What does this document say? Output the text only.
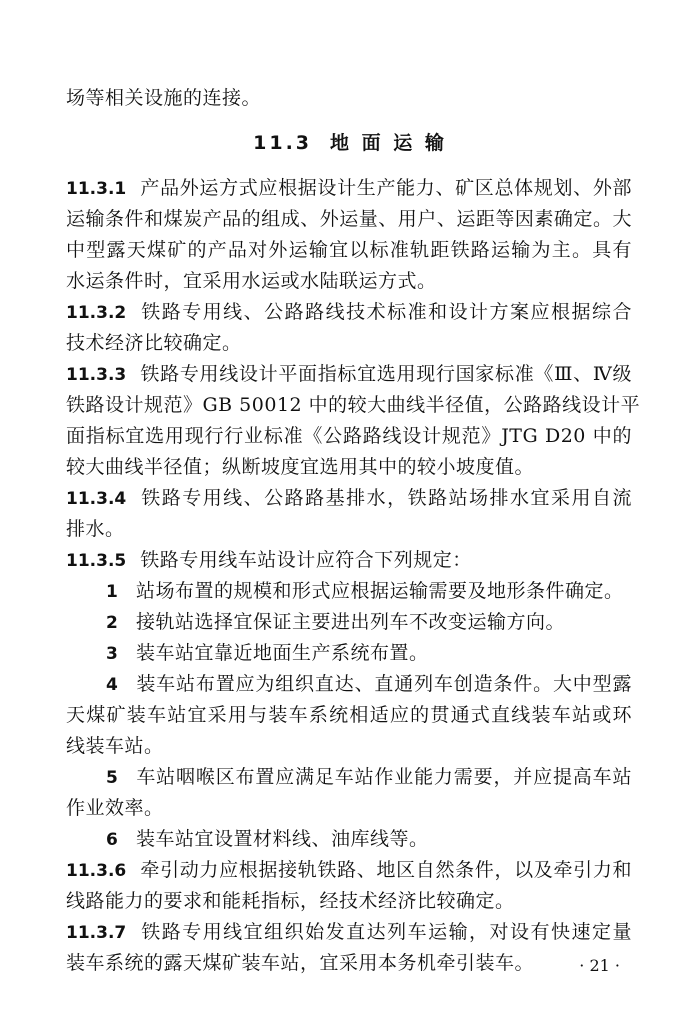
场等相关设施的连接。
11.3 地 面 运 输
11.3.1 产品外运方式应根据设计生产能力、矿区总体规划、外部
运输条件和煤炭产品的组成、外运量、用户、运距等因素确定。大
中型露天煤矿的产品对外运输宜以标准轨距铁路运输为主。具有
水运条件时，宜采用水运或水陆联运方式。
11.3.2 铁路专用线、公路路线技术标准和设计方案应根据综合
技术经济比较确定。
11.3.3 铁路专用线设计平面指标宜选用现行国家标准《Ⅲ、Ⅳ级
铁路设计规范》GB 50012 中的较大曲线半径值，公路路线设计平
面指标宜选用现行行业标准《公路路线设计规范》JTG D20 中的
较大曲线半径值；纵断坡度宜选用其中的较小坡度值。
11.3.4 铁路专用线、公路路基排水，铁路站场排水宜采用自流
排水。
11.3.5 铁路专用线车站设计应符合下列规定：
1 站场布置的规模和形式应根据运输需要及地形条件确定。
2 接轨站选择宜保证主要进出列车不改变运输方向。
3 装车站宜靠近地面生产系统布置。
4 装车站布置应为组织直达、直通列车创造条件。大中型露
天煤矿装车站宜采用与装车系统相适应的贯通式直线装车站或环
线装车站。
5 车站咽喉区布置应满足车站作业能力需要，并应提高车站
作业效率。
6 装车站宜设置材料线、油库线等。
11.3.6 牵引动力应根据接轨铁路、地区自然条件，以及牵引力和
线路能力的要求和能耗指标，经技术经济比较确定。
11.3.7 铁路专用线宜组织始发直达列车运输，对设有快速定量
装车系统的露天煤矿装车站，宜采用本务机牵引装车。	· 21 ·
